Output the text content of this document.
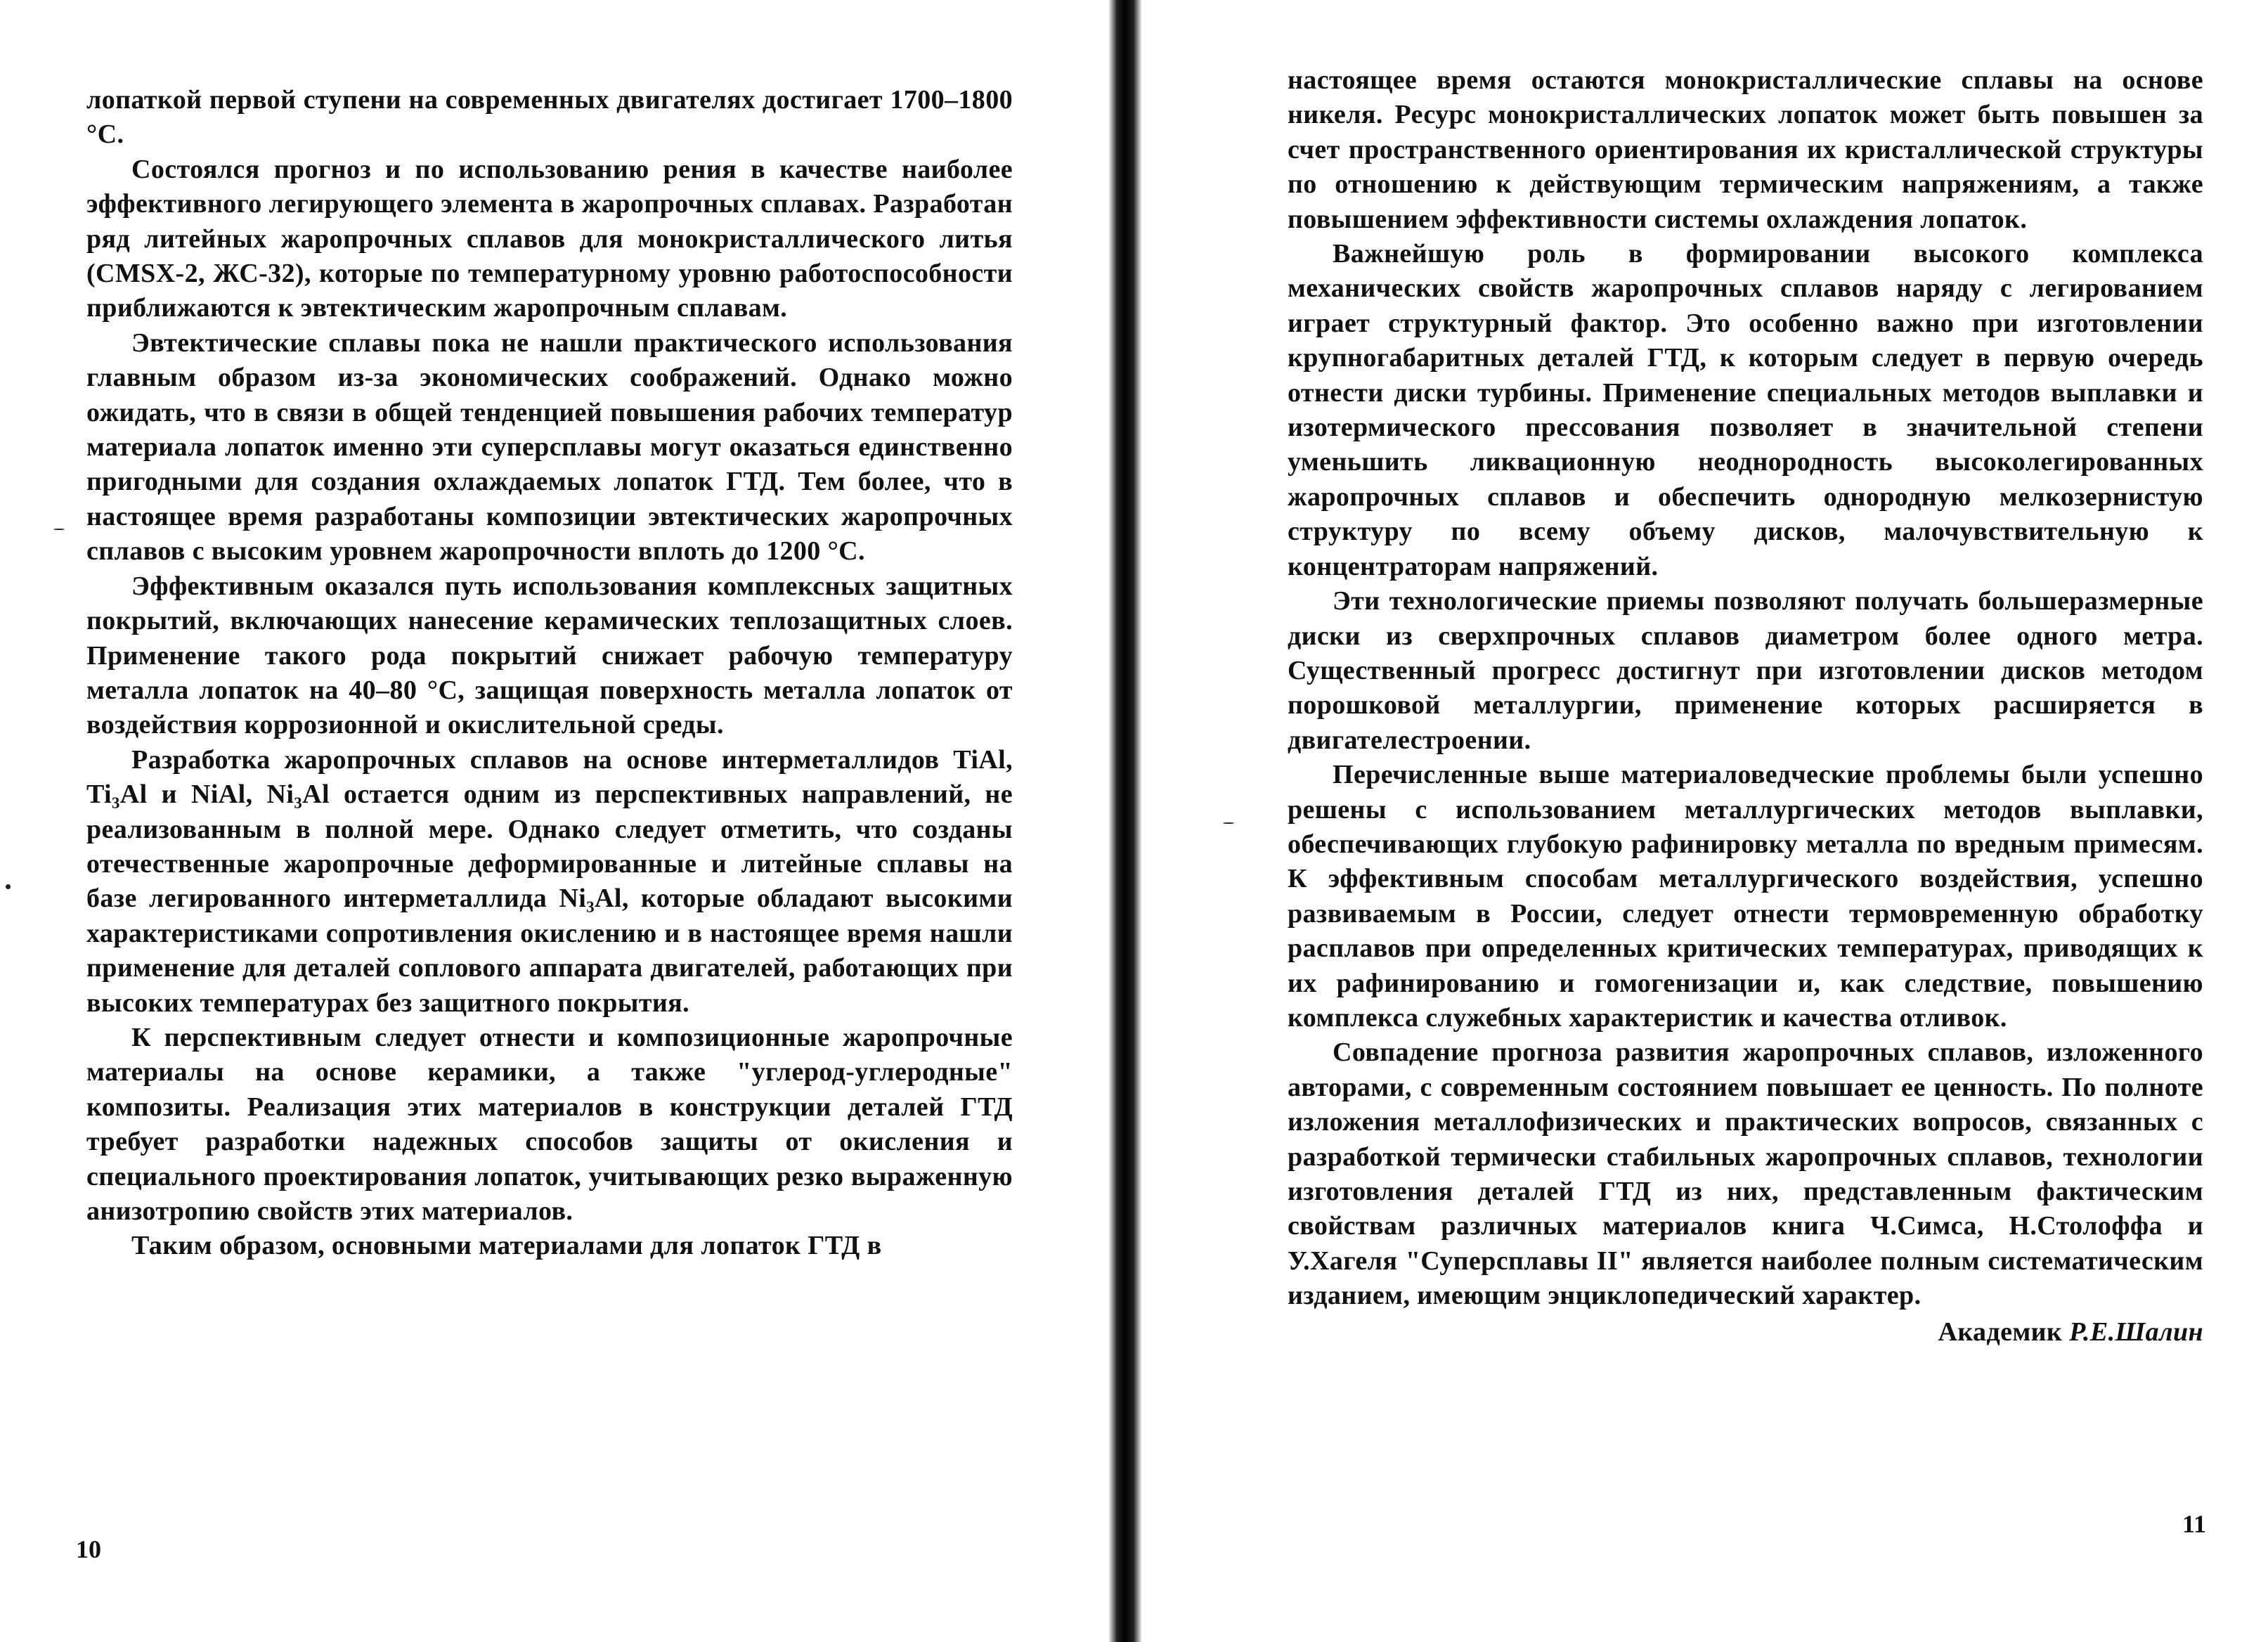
лопаткой первой ступени на современных двигателях достигает 1700–1800 °С.

Состоялся прогноз и по использованию рения в качестве наиболее эффективного легирующего элемента в жаропрочных сплавах. Разработан ряд литейных жаропрочных сплавов для монокристаллического литья (CMSX-2, ЖС-32), которые по температурному уровню работоспособности приближаются к эвтектическим жаропрочным сплавам.

Эвтектические сплавы пока не нашли практического использования главным образом из-за экономических соображений. Однако можно ожидать, что в связи в общей тенденцией повышения рабочих температур материала лопаток именно эти суперсплавы могут оказаться единственно пригодными для создания охлаждаемых лопаток ГТД. Тем более, что в настоящее время разработаны композиции эвтектических жаропрочных сплавов с высоким уровнем жаропрочности вплоть до 1200 °С.

Эффективным оказался путь использования комплексных защитных покрытий, включающих нанесение керамических теплозащитных слоев. Применение такого рода покрытий снижает рабочую температуру металла лопаток на 40–80 °С, защищая поверхность металла лопаток от воздействия коррозионной и окислительной среды.

Разработка жаропрочных сплавов на основе интерметаллидов TiAl, Ti₃Al и NiAl, Ni₃Al остается одним из перспективных направлений, не реализованным в полной мере. Однако следует отметить, что созданы отечественные жаропрочные деформированные и литейные сплавы на базе легированного интерметаллида Ni₃Al, которые обладают высокими характеристиками сопротивления окислению и в настоящее время нашли применение для деталей соплового аппарата двигателей, работающих при высоких температурах без защитного покрытия.

К перспективным следует отнести и композиционные жаропрочные материалы на основе керамики, а также "углерод-углеродные" композиты. Реализация этих материалов в конструкции деталей ГТД требует разработки надежных способов защиты от окисления и специального проектирования лопаток, учитывающих резко выраженную анизотропию свойств этих материалов.

Таким образом, основными материалами для лопаток ГТД в

10

настоящее время остаются монокристаллические сплавы на основе никеля. Ресурс монокристаллических лопаток может быть повышен за счет пространственного ориентирования их кристаллической структуры по отношению к действующим термическим напряжениям, а также повышением эффективности системы охлаждения лопаток.

Важнейшую роль в формировании высокого комплекса механических свойств жаропрочных сплавов наряду с легированием играет структурный фактор. Это особенно важно при изготовлении крупногабаритных деталей ГТД, к которым следует в первую очередь отнести диски турбины. Применение специальных методов выплавки и изотермического прессования позволяет в значительной степени уменьшить ликвационную неоднородность высоколегированных жаропрочных сплавов и обеспечить однородную мелкозернистую структуру по всему объему дисков, малочувствительную к концентраторам напряжений.

Эти технологические приемы позволяют получать большеразмерные диски из сверхпрочных сплавов диаметром более одного метра. Существенный прогресс достигнут при изготовлении дисков методом порошковой металлургии, применение которых расширяется в двигателестроении.

Перечисленные выше материаловедческие проблемы были успешно решены с использованием металлургических методов выплавки, обеспечивающих глубокую рафинировку металла по вредным примесям. К эффективным способам металлургического воздействия, успешно развиваемым в России, следует отнести термовременную обработку расплавов при определенных критических температурах, приводящих к их рафинированию и гомогенизации и, как следствие, повышению комплекса служебных характеристик и качества отливок.

Совпадение прогноза развития жаропрочных сплавов, изложенного авторами, с современным состоянием повышает ее ценность. По полноте изложения металлофизических и практических вопросов, связанных с разработкой термически стабильных жаропрочных сплавов, технологии изготовления деталей ГТД из них, представленным фактическим свойствам различных материалов книга Ч.Симса, Н.Столоффа и У.Хагеля "Суперсплавы II" является наиболее полным систематическим изданием, имеющим энциклопедический характер.

Академик Р.Е.Шалин
11
